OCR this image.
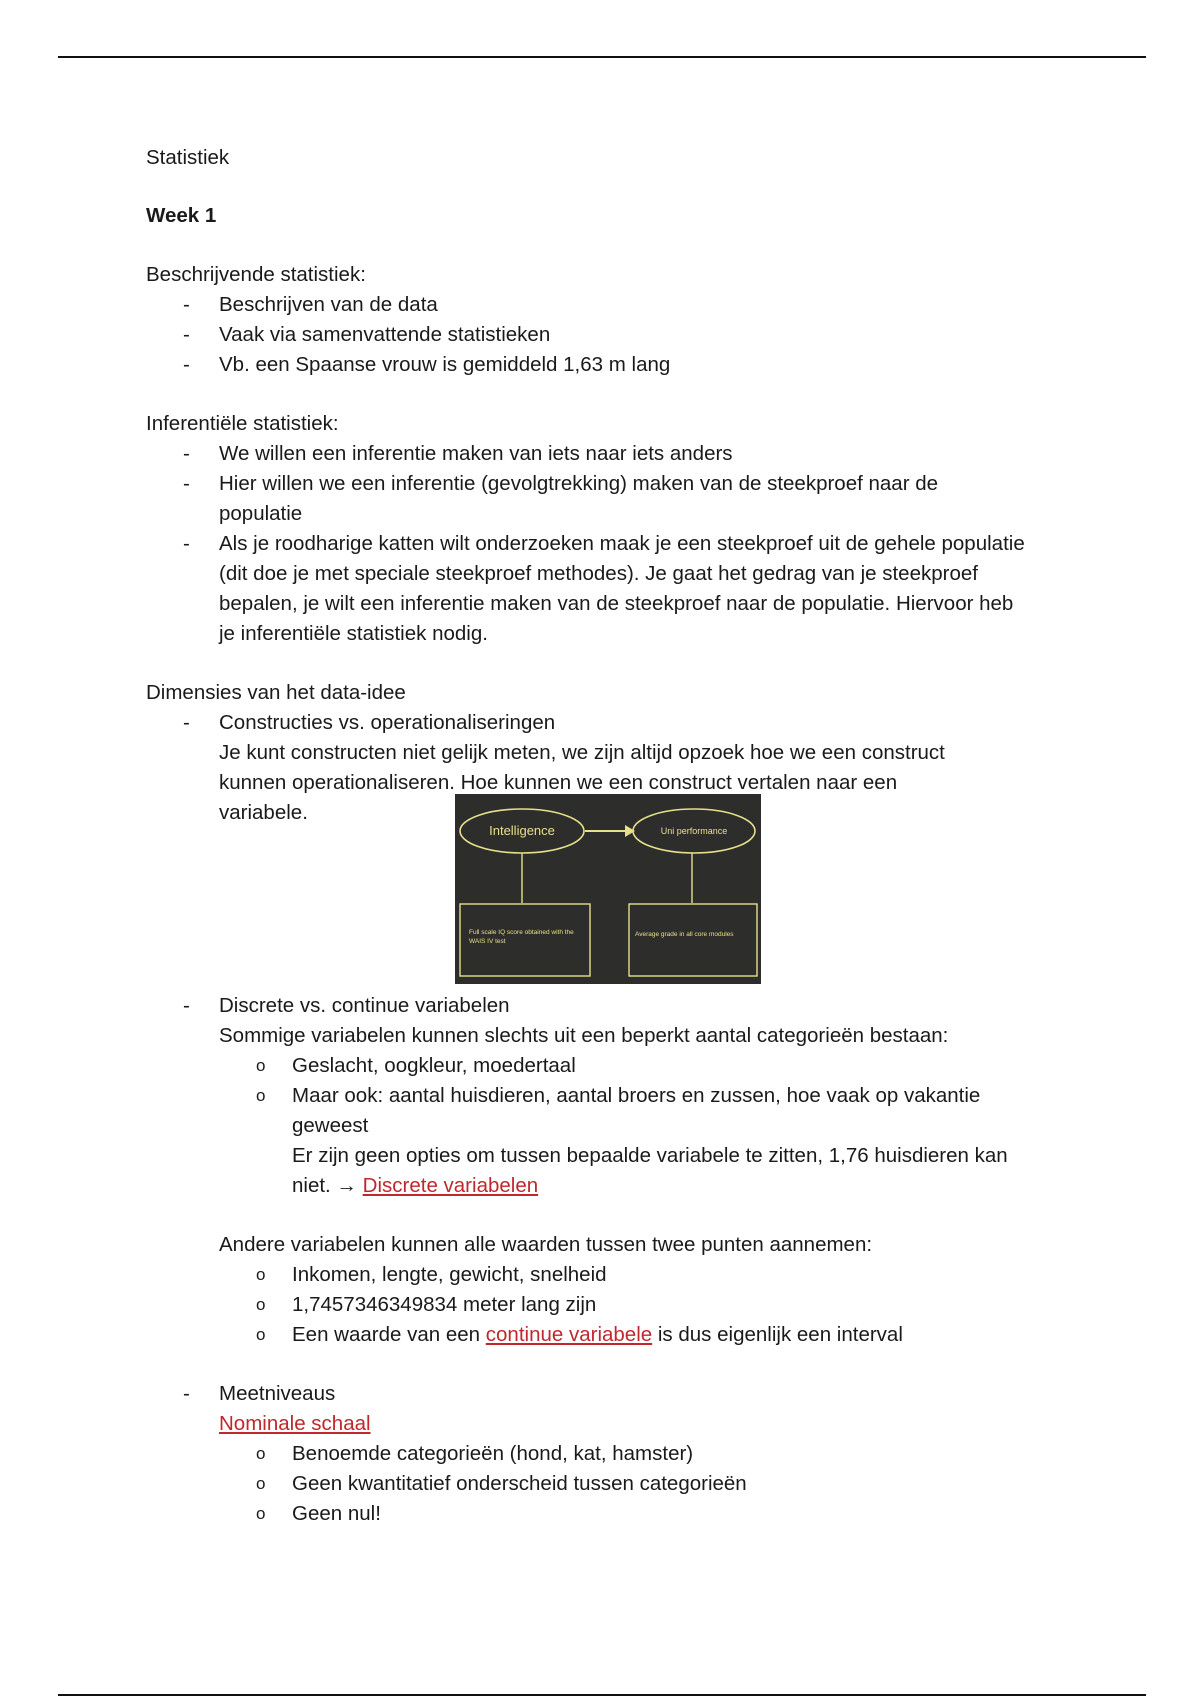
Statistiek

Week 1

Beschrijvende statistiek:

- Beschrijven van de data
- Vaak via samenvattende statistieken
- Vb. een Spaanse vrouw is gemiddeld 1,63 m lang

Inferentiële statistiek:

- We willen een inferentie maken van iets naar iets anders
- Hier willen we een inferentie (gevolgtrekking) maken van de steekproef naar de populatie
- Als je roodharige katten wilt onderzoeken maak je een steekproef uit de gehele populatie (dit doe je met speciale steekproef methodes). Je gaat het gedrag van je steekproef bepalen, je wilt een inferentie maken van de steekproef naar de populatie. Hiervoor heb je inferentiële statistiek nodig.

Dimensies van het data-idee

- Constructies vs. operationaliseringen
Je kunt constructen niet gelijk meten, we zijn altijd opzoek hoe we een construct kunnen operationaliseren. Hoe kunnen we een construct vertalen naar een
variabele.
Intelligence	Uni performance
Full scale IQ score obtained with the WAIS IV test
Average grade in all core modules
- Discrete vs. continue variabelen
Sommige variabelen kunnen slechts uit een beperkt aantal categorieën bestaan:
o Geslacht, oogkleur, moedertaal
o Maar ook: aantal huisdieren, aantal broers en zussen, hoe vaak op vakantie geweest
Er zijn geen opties om tussen bepaalde variabele te zitten, 1,76 huisdieren kan niet. → Discrete variabelen
Andere variabelen kunnen alle waarden tussen twee punten aannemen:
o Inkomen, lengte, gewicht, snelheid
o 1,7457346349834 meter lang zijn
o Een waarde van een continue variabele is dus eigenlijk een interval
- Meetniveaus
Nominale schaal
o Benoemde categorieën (hond, kat, hamster)
o Geen kwantitatief onderscheid tussen categorieën
o Geen nul!
